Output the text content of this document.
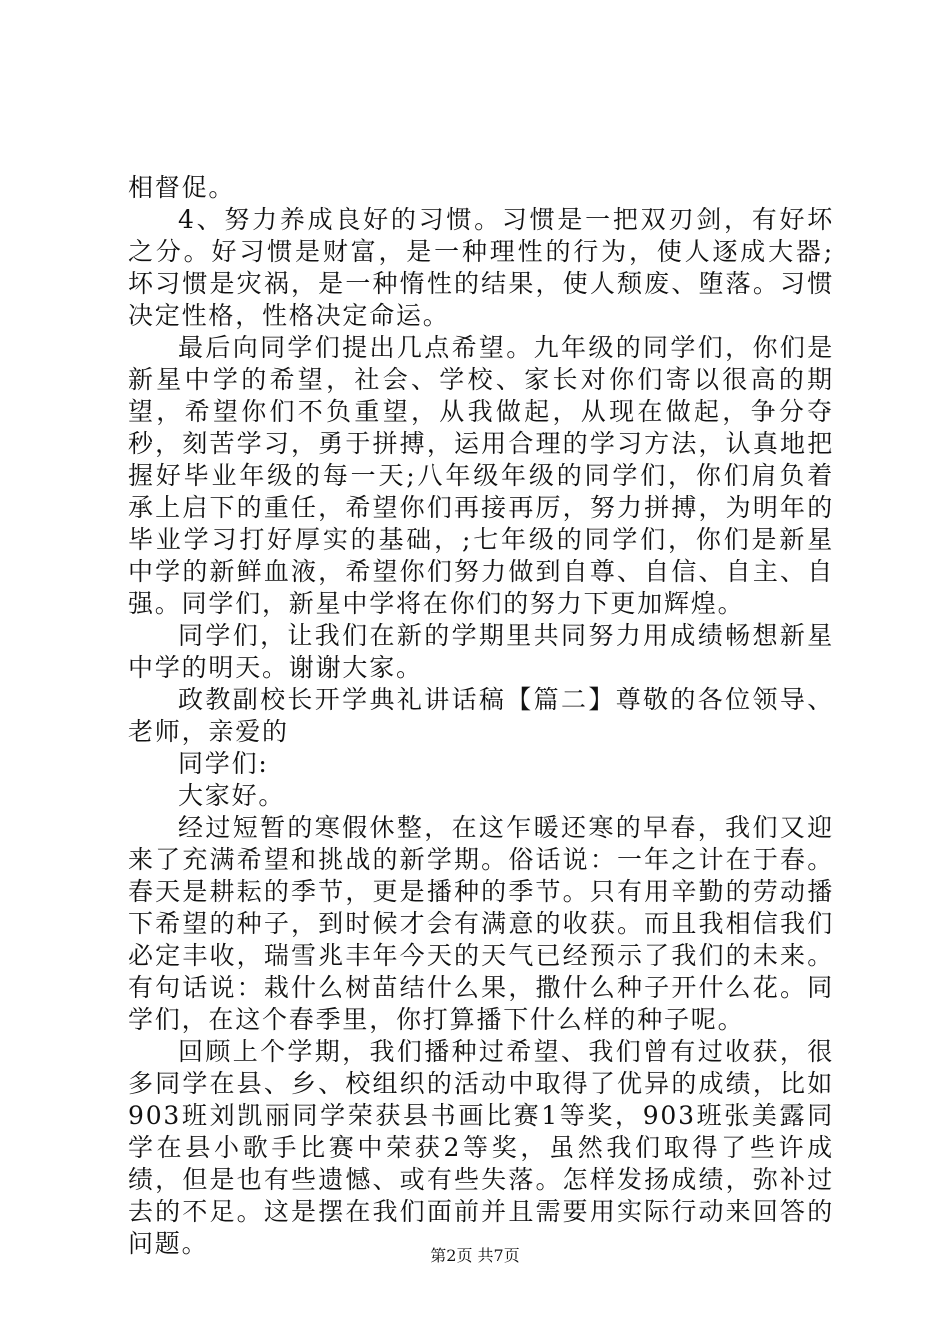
相督促。

4、努力养成良好的习惯。习惯是一把双刃剑，有好坏之分。好习惯是财富，是一种理性的行为，使人逐成大器;坏习惯是灾祸，是一种惰性的结果，使人颓废、堕落。习惯决定性格，性格决定命运。

最后向同学们提出几点希望。九年级的同学们，你们是新星中学的希望，社会、学校、家长对你们寄以很高的期望，希望你们不负重望，从我做起，从现在做起，争分夺秒，刻苦学习，勇于拼搏，运用合理的学习方法，认真地把握好毕业年级的每一天;八年级年级的同学们，你们肩负着承上启下的重任，希望你们再接再厉，努力拼搏，为明年的毕业学习打好厚实的基础，;七年级的同学们，你们是新星中学的新鲜血液，希望你们努力做到自尊、自信、自主、自强。同学们，新星中学将在你们的努力下更加辉煌。

同学们，让我们在新的学期里共同努力用成绩畅想新星中学的明天。谢谢大家。

政教副校长开学典礼讲话稿【篇二】尊敬的各位领导、老师，亲爱的

同学们:

大家好。

经过短暂的寒假休整，在这乍暖还寒的早春，我们又迎来了充满希望和挑战的新学期。俗话说：一年之计在于春。春天是耕耘的季节，更是播种的季节。只有用辛勤的劳动播下希望的种子，到时候才会有满意的收获。而且我相信我们必定丰收，瑞雪兆丰年今天的天气已经预示了我们的未来。有句话说：栽什么树苗结什么果，撒什么种子开什么花。同学们，在这个春季里，你打算播下什么样的种子呢。

回顾上个学期，我们播种过希望、我们曾有过收获，很多同学在县、乡、校组织的活动中取得了优异的成绩，比如903班刘凯丽同学荣获县书画比赛1等奖，903班张美露同学在县小歌手比赛中荣获2等奖，虽然我们取得了些许成绩，但是也有些遗憾、或有些失落。怎样发扬成绩，弥补过去的不足。这是摆在我们面前并且需要用实际行动来回答的问题。	第2页 共7页
